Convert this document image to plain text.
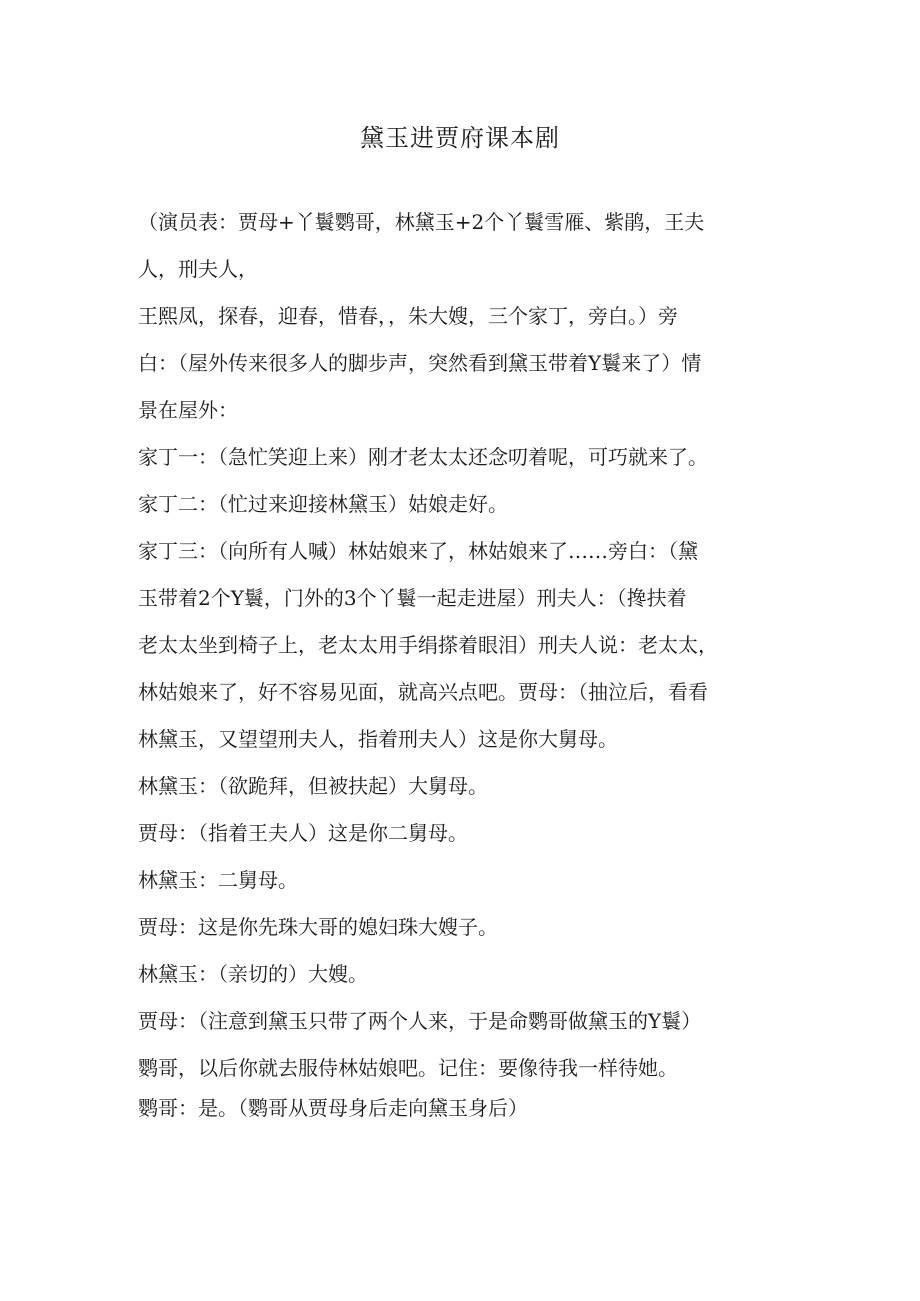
黛玉进贾府课本剧

（演员表：贾母+丫鬟鹦哥，林黛玉+2个丫鬟雪雁、紫鹃，王夫

人，刑夫人，

王熙凤，探春，迎春，惜春，，朱大嫂，三个家丁，旁白。）旁

白：（屋外传来很多人的脚步声，突然看到黛玉带着Y鬟来了）情

景在屋外：

家丁一：（急忙笑迎上来）刚才老太太还念叨着呢，可巧就来了。

家丁二：（忙过来迎接林黛玉）姑娘走好。

家丁三：（向所有人喊）林姑娘来了，林姑娘来了……旁白：（黛

玉带着2个Y鬟，门外的3个丫鬟一起走进屋）刑夫人：（搀扶着

老太太坐到椅子上，老太太用手绢搽着眼泪）刑夫人说：老太太，

林姑娘来了，好不容易见面，就高兴点吧。贾母：（抽泣后，看看

林黛玉，又望望刑夫人，指着刑夫人）这是你大舅母。

林黛玉：（欲跪拜，但被扶起）大舅母。

贾母：（指着王夫人）这是你二舅母。

林黛玉：二舅母。

贾母：这是你先珠大哥的媳妇珠大嫂子。

林黛玉：（亲切的）大嫂。

贾母：（注意到黛玉只带了两个人来，于是命鹦哥做黛玉的Y鬟）

鹦哥，以后你就去服侍林姑娘吧。记住：要像待我一样待她。

鹦哥：是。（鹦哥从贾母身后走向黛玉身后）
